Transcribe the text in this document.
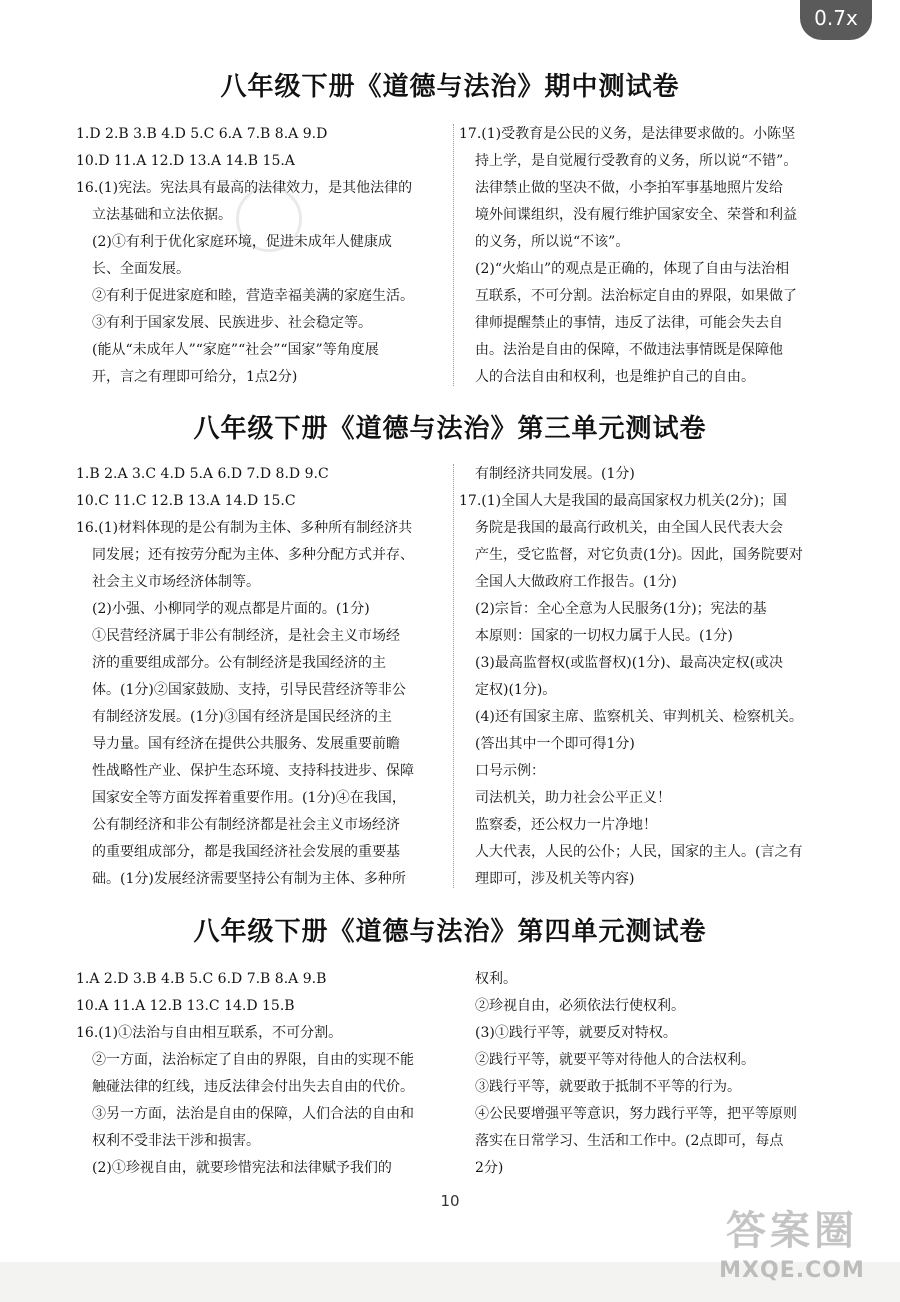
0.7x
八年级下册《道德与法治》期中测试卷
1.D 2.B 3.B 4.D 5.C 6.A 7.B 8.A 9.D
10.D 11.A 12.D 13.A 14.B 15.A
16.(1)宪法。宪法具有最高的法律效力，是其他法律的
立法基础和立法依据。
(2)①有利于优化家庭环境，促进未成年人健康成
长、全面发展。
②有利于促进家庭和睦，营造幸福美满的家庭生活。
③有利于国家发展、民族进步、社会稳定等。
(能从“未成年人”“家庭”“社会”“国家”等角度展
开，言之有理即可给分，1点2分)
17.(1)受教育是公民的义务，是法律要求做的。小陈坚
持上学，是自觉履行受教育的义务，所以说“不错”。
法律禁止做的坚决不做，小李拍军事基地照片发给
境外间谍组织，没有履行维护国家安全、荣誉和利益
的义务，所以说“不该”。
(2)“火焰山”的观点是正确的，体现了自由与法治相
互联系，不可分割。法治标定自由的界限，如果做了
律师提醒禁止的事情，违反了法律，可能会失去自
由。法治是自由的保障，不做违法事情既是保障他
人的合法自由和权利，也是维护自己的自由。
八年级下册《道德与法治》第三单元测试卷
1.B 2.A 3.C 4.D 5.A 6.D 7.D 8.D 9.C
10.C 11.C 12.B 13.A 14.D 15.C
16.(1)材料体现的是公有制为主体、多种所有制经济共
同发展；还有按劳分配为主体、多种分配方式并存、
社会主义市场经济体制等。
(2)小强、小柳同学的观点都是片面的。(1分)
①民营经济属于非公有制经济，是社会主义市场经
济的重要组成部分。公有制经济是我国经济的主
体。(1分)②国家鼓励、支持，引导民营经济等非公
有制经济发展。(1分)③国有经济是国民经济的主
导力量。国有经济在提供公共服务、发展重要前瞻
性战略性产业、保护生态环境、支持科技进步、保障
国家安全等方面发挥着重要作用。(1分)④在我国，
公有制经济和非公有制经济都是社会主义市场经济
的重要组成部分，都是我国经济社会发展的重要基
础。(1分)发展经济需要坚持公有制为主体、多种所
有制经济共同发展。(1分)
17.(1)全国人大是我国的最高国家权力机关(2分)；国
务院是我国的最高行政机关，由全国人民代表大会
产生，受它监督，对它负责(1分)。因此，国务院要对
全国人大做政府工作报告。(1分)
(2)宗旨：全心全意为人民服务(1分)；宪法的基
本原则：国家的一切权力属于人民。(1分)
(3)最高监督权(或监督权)(1分)、最高决定权(或决
定权)(1分)。
(4)还有国家主席、监察机关、审判机关、检察机关。
(答出其中一个即可得1分)
口号示例：
司法机关，助力社会公平正义！
监察委，还公权力一片净地！
人大代表，人民的公仆；人民，国家的主人。(言之有
理即可，涉及机关等内容)
八年级下册《道德与法治》第四单元测试卷
1.A 2.D 3.B 4.B 5.C 6.D 7.B 8.A 9.B
10.A 11.A 12.B 13.C 14.D 15.B
16.(1)①法治与自由相互联系，不可分割。
②一方面，法治标定了自由的界限，自由的实现不能
触碰法律的红线，违反法律会付出失去自由的代价。
③另一方面，法治是自由的保障，人们合法的自由和
权利不受非法干涉和损害。
(2)①珍视自由，就要珍惜宪法和法律赋予我们的
权利。
②珍视自由，必须依法行使权利。
(3)①践行平等，就要反对特权。
②践行平等，就要平等对待他人的合法权利。
③践行平等，就要敢于抵制不平等的行为。
④公民要增强平等意识，努力践行平等，把平等原则
落实在日常学习、生活和工作中。(2点即可，每点
2分)
10
答案圈
MXQE.COM
